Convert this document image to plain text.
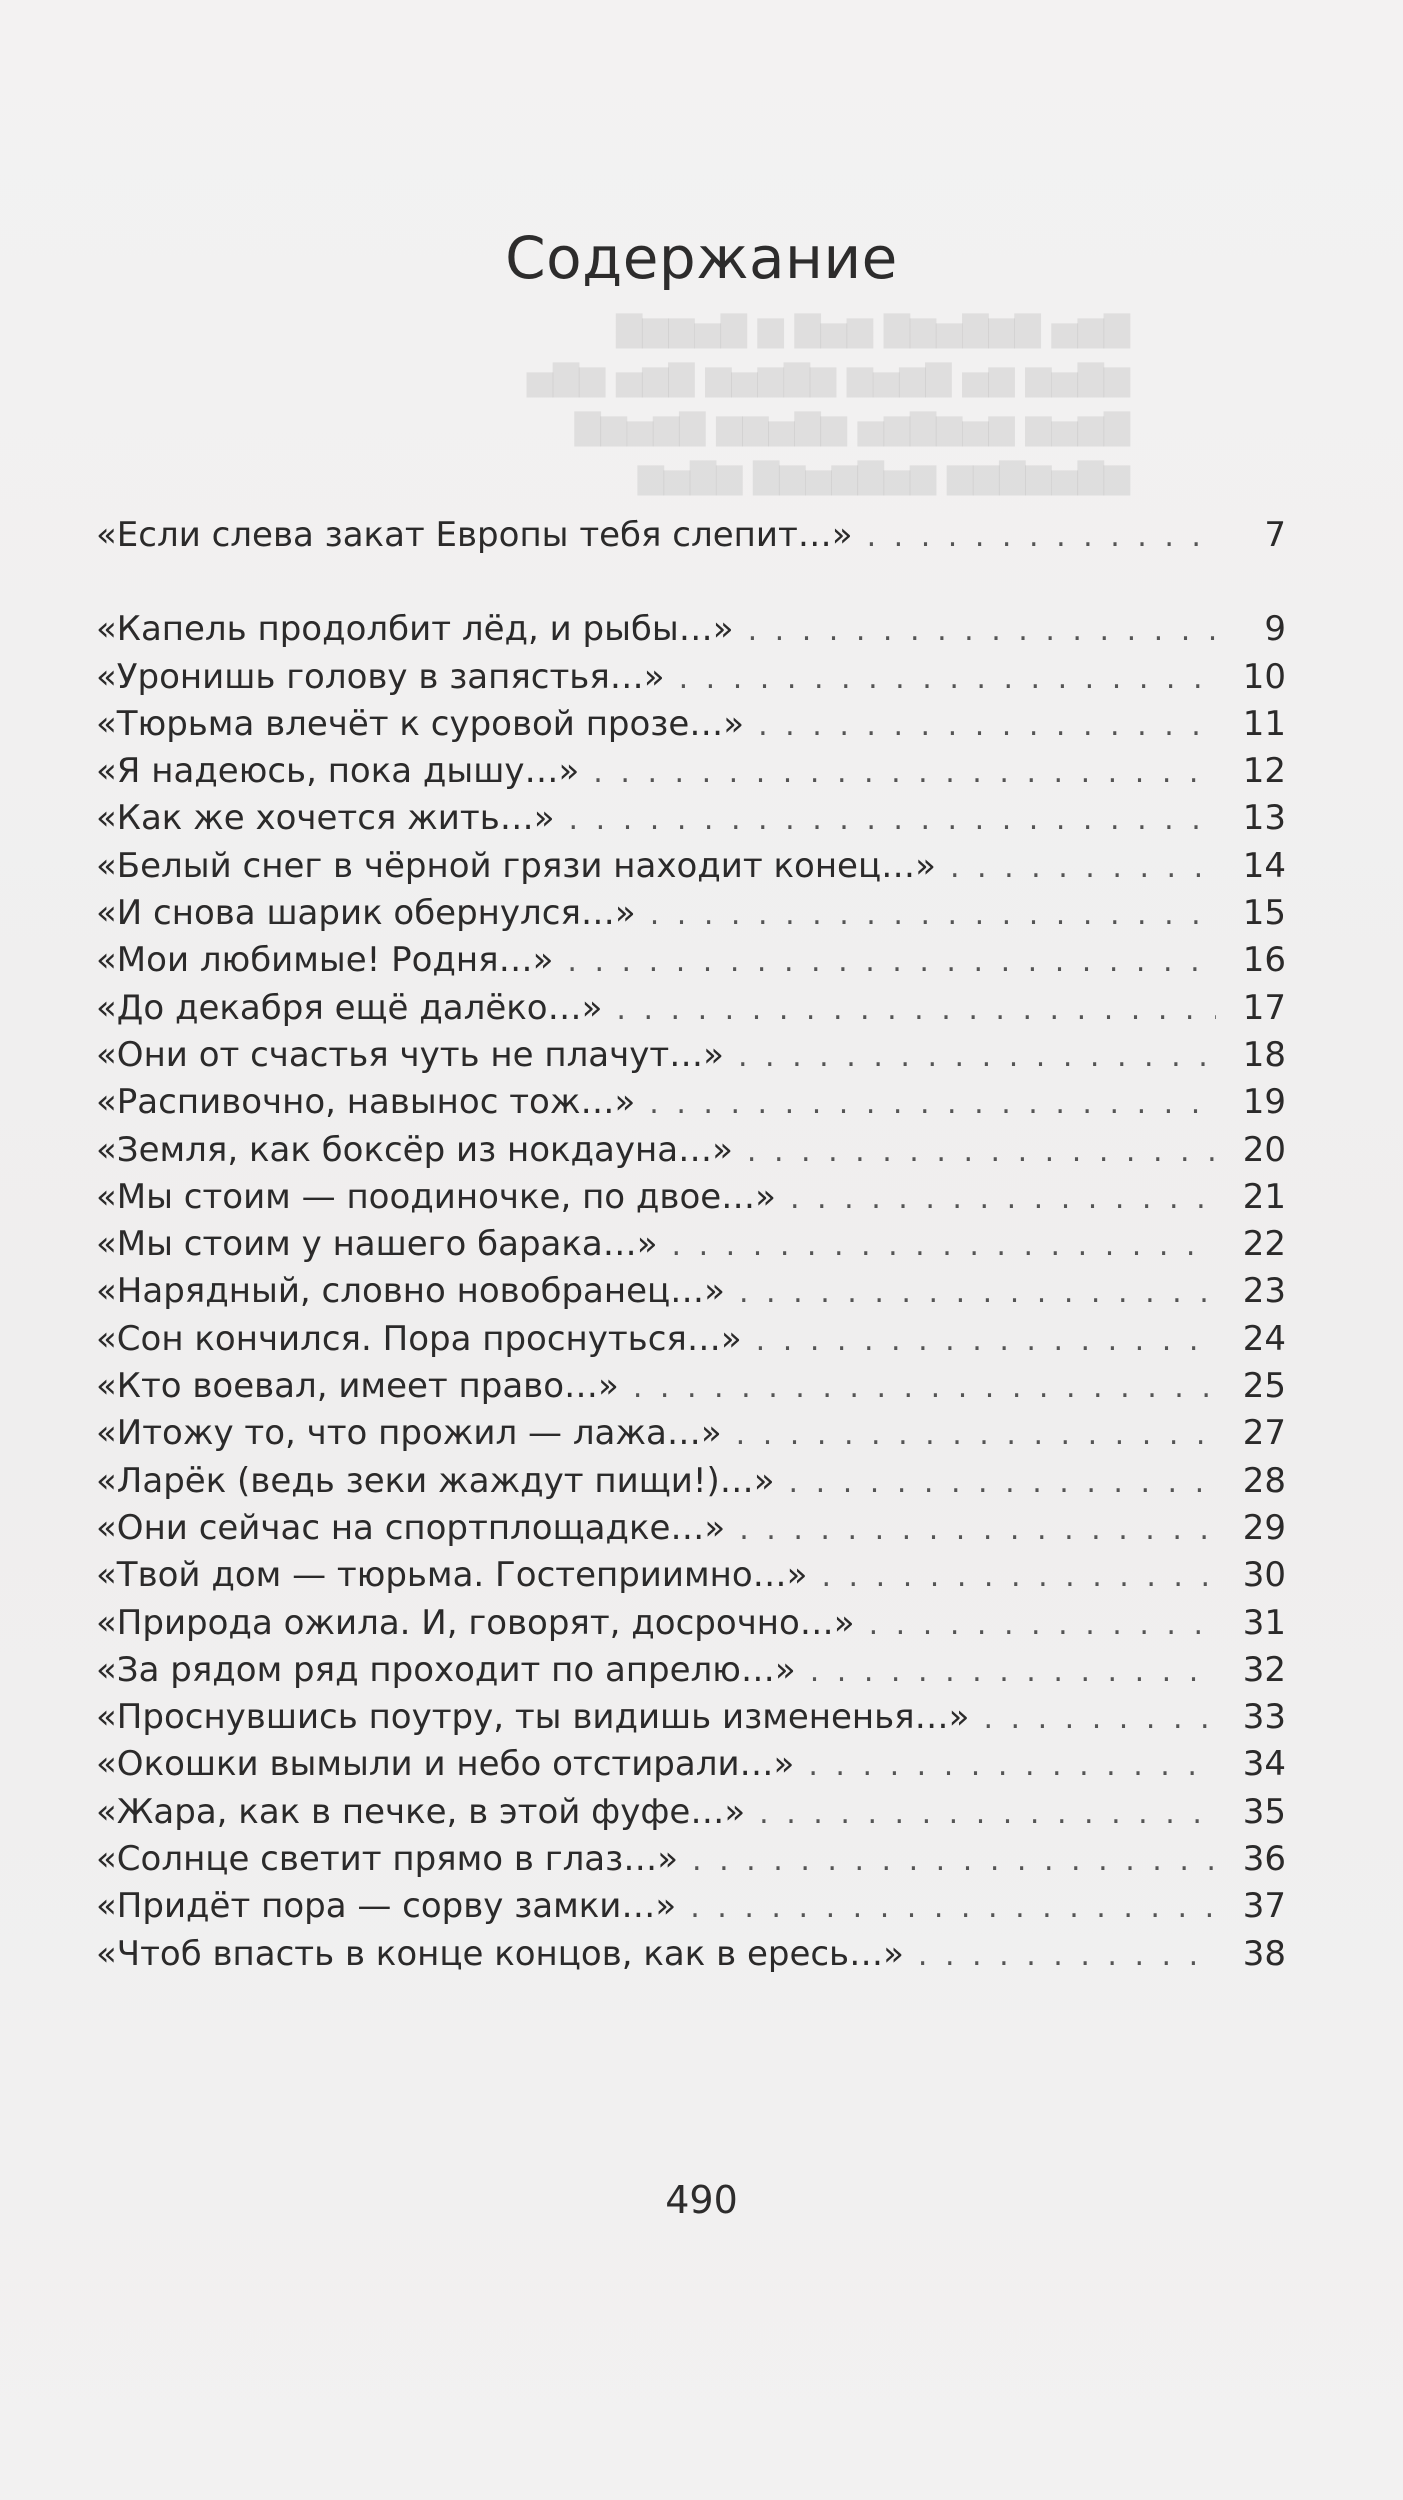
▇▆▅ ▇▆▇▅▆▇ ▆▅▇ ▆ ▇▅▆▆▇
▆▇▅▆ ▆▅ ▇▆▅▆ ▆▇▆▅▆ ▇▆▅ ▆▇▅
▇▆▅▆ ▆▅▆▇▆▅ ▆▇▅▆▆ ▇▆▅▆▇
▆▇▅▆▇▆▆ ▆▅▇▆▅▆▇ ▆▇▅▆
Содержание
«Если слева закат Европы тебя слепит…» . . .	7
«Капель продолбит лёд, и рыбы…» . . .	9
«Уронишь голову в запястья…» . . .	10
«Тюрьма влечёт к суровой прозе…» . . .	11
«Я надеюсь, пока дышу…» . . .	12
«Как же хочется жить…» . . .	13
«Белый снег в чёрной грязи находит конец…» . . .	14
«И снова шарик обернулся…» . . .	15
«Мои любимые! Родня…» . . .	16
«До декабря ещё далёко…» . . .	17
«Они от счастья чуть не плачут…» . . .	18
«Распивочно, навынос тож…» . . .	19
«Земля, как боксёр из нокдауна…» . . .	20
«Мы стоим — поодиночке, по двое…» . . .	21
«Мы стоим у нашего барака…» . . .	22
«Нарядный, словно новобранец…» . . .	23
«Сон кончился. Пора проснуться…» . . .	24
«Кто воевал, имеет право…» . . .	25
«Итожу то, что прожил — лажа…» . . .	27
«Ларёк (ведь зеки жаждут пищи!)…» . . .	28
«Они сейчас на спортплощадке…» . . .	29
«Твой дом — тюрьма. Гостеприимно…» . . .	30
«Природа ожила. И, говорят, досрочно…» . . .	31
«За рядом ряд проходит по апрелю…» . . .	32
«Проснувшись поутру, ты видишь измененья…» . . .	33
«Окошки вымыли и небо отстирали…» . . .	34
«Жара, как в печке, в этой фуфе…» . . .	35
«Солнце светит прямо в глаз…» . . .	36
«Придёт пора — сорву замки…» . . .	37
«Чтоб впасть в конце концов, как в ересь…» . . .	38
490
